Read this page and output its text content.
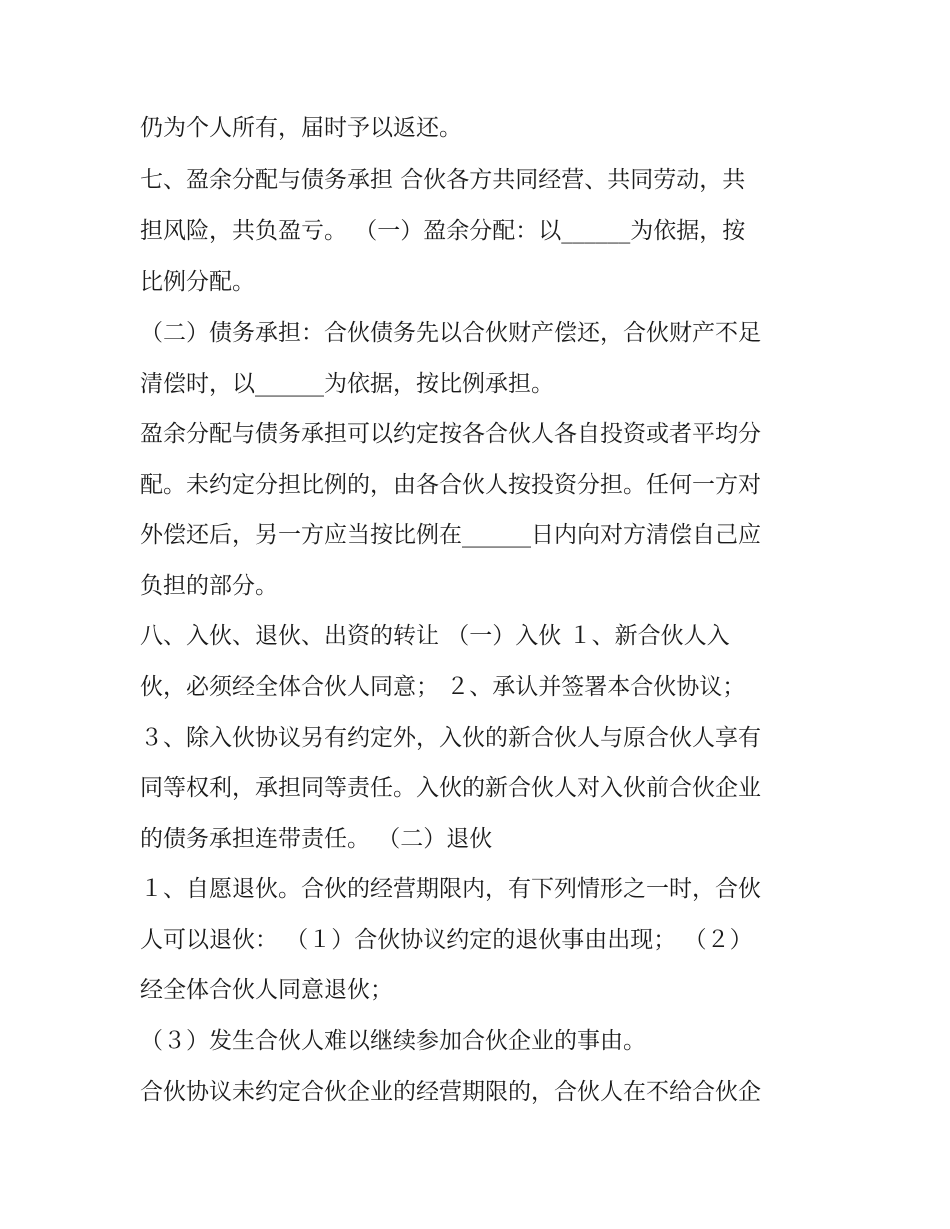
仍为个人所有，届时予以返还。
七、盈余分配与债务承担 合伙各方共同经营、共同劳动，共
担风险，共负盈亏。 （一）盈余分配：以______为依据，按
比例分配。
（二）债务承担：合伙债务先以合伙财产偿还，合伙财产不足
清偿时，以______为依据，按比例承担。
盈余分配与债务承担可以约定按各合伙人各自投资或者平均分
配。未约定分担比例的，由各合伙人按投资分担。任何一方对
外偿还后，另一方应当按比例在______日内向对方清偿自己应
负担的部分。
八、入伙、退伙、出资的转让 （一）入伙 １、新合伙人入
伙，必须经全体合伙人同意； ２、承认并签署本合伙协议；
３、除入伙协议另有约定外，入伙的新合伙人与原合伙人享有
同等权利，承担同等责任。入伙的新合伙人对入伙前合伙企业
的债务承担连带责任。 （二）退伙
１、自愿退伙。合伙的经营期限内，有下列情形之一时，合伙
人可以退伙： （１）合伙协议约定的退伙事由出现； （２）
经全体合伙人同意退伙；
（３）发生合伙人难以继续参加合伙企业的事由。
合伙协议未约定合伙企业的经营期限的，合伙人在不给合伙企
